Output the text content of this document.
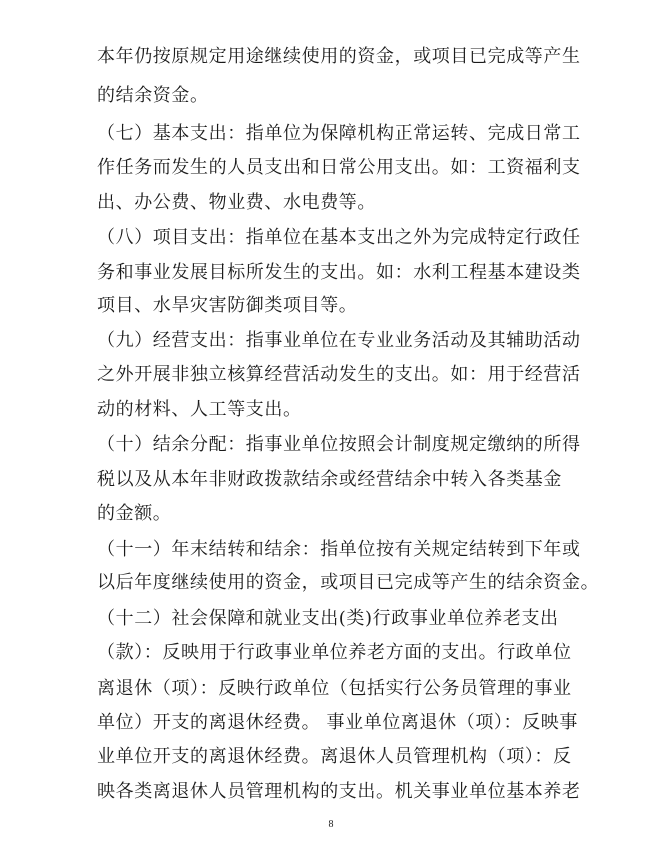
本年仍按原规定用途继续使用的资金，或项目已完成等产生
的结余资金。
（七）基本支出：指单位为保障机构正常运转、完成日常工
作任务而发生的人员支出和日常公用支出。如：工资福利支
出、办公费、物业费、水电费等。
（八）项目支出：指单位在基本支出之外为完成特定行政任
务和事业发展目标所发生的支出。如：水利工程基本建设类
项目、水旱灾害防御类项目等。
（九）经营支出：指事业单位在专业业务活动及其辅助活动
之外开展非独立核算经营活动发生的支出。如：用于经营活
动的材料、人工等支出。
（十）结余分配：指事业单位按照会计制度规定缴纳的所得
税以及从本年非财政拨款结余或经营结余中转入各类基金
的金额。
（十一）年末结转和结余：指单位按有关规定结转到下年或
以后年度继续使用的资金，或项目已完成等产生的结余资金。
（十二）社会保障和就业支出(类)行政事业单位养老支出
（款）：反映用于行政事业单位养老方面的支出。行政单位
离退休（项）：反映行政单位（包括实行公务员管理的事业
单位）开支的离退休经费。 事业单位离退休（项）：反映事
业单位开支的离退休经费。离退休人员管理机构（项）：反
映各类离退休人员管理机构的支出。机关事业单位基本养老
8
